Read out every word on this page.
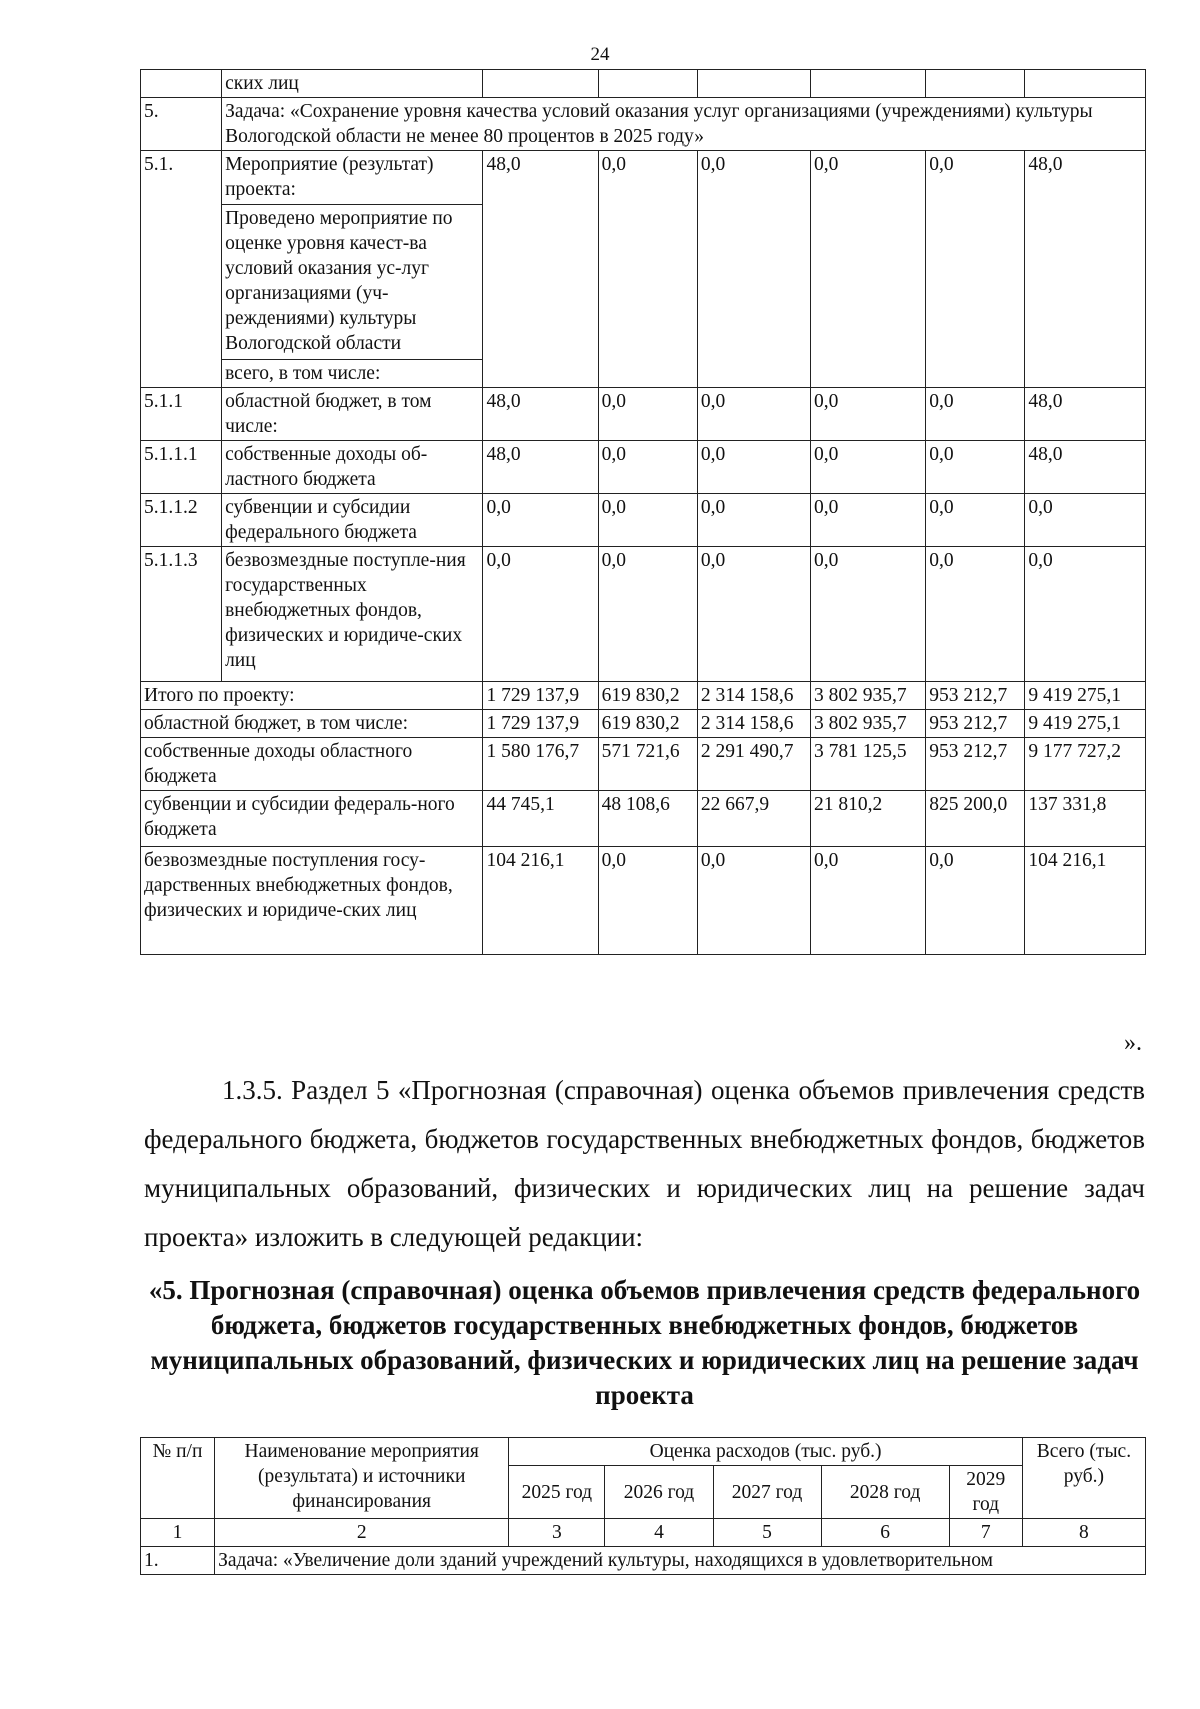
24
	ских лиц						
5.	Задача: «Сохранение уровня качества условий оказания услуг организациями (учреждениями) культуры Вологодской области не менее 80 процентов в 2025 году»						
5.1.	Мероприятие (результат) проекта:	48,0	0,0	0,0	0,0	0,0	48,0
	Проведено мероприятие по оценке уровня качест-ва условий оказания ус-луг организациями (уч-реждениями) культуры Вологодской области						
	всего, в том числе:						
5.1.1	областной бюджет, в том числе:	48,0	0,0	0,0	0,0	0,0	48,0
5.1.1.1	собственные доходы об-ластного бюджета	48,0	0,0	0,0	0,0	0,0	48,0
5.1.1.2	субвенции и субсидии федерального бюджета	0,0	0,0	0,0	0,0	0,0	0,0
5.1.1.3	безвозмездные поступле-ния государственных внебюджетных фондов, физических и юридиче-ских лиц	0,0	0,0	0,0	0,0	0,0	0,0
Итого по проекту:		1 729 137,9	619 830,2	2 314 158,6	3 802 935,7	953 212,7	9 419 275,1
областной бюджет, в том числе:		1 729 137,9	619 830,2	2 314 158,6	3 802 935,7	953 212,7	9 419 275,1
собственные доходы областного бюджета		1 580 176,7	571 721,6	2 291 490,7	3 781 125,5	953 212,7	9 177 727,2
субвенции и субсидии федераль-ного бюджета		44 745,1	48 108,6	22 667,9	21 810,2	825 200,0	137 331,8
безвозмездные поступления госу-дарственных внебюджетных фондов, физических и юридиче-ских лиц		104 216,1	0,0	0,0	0,0	0,0	104 216,1
».
1.3.5. Раздел 5 «Прогнозная (справочная) оценка объемов привлечения средств федерального бюджета, бюджетов государственных внебюджетных фондов, бюджетов муниципальных образований, физических и юридических лиц на решение задач проекта» изложить в следующей редакции:
«5. Прогнозная (справочная) оценка объемов привлечения средств федерального бюджета, бюджетов государственных внебюджетных фондов, бюджетов муниципальных образований, физических и юридических лиц на решение задач проекта
№ п/п	Наименование мероприятия (результата) и источники финансирования	Оценка расходов (тыс. руб.)					Всего (тыс. руб.)
		2025 год	2026 год	2027 год	2028 год	2029 год	
1	2	3	4	5	6	7	8
1.	Задача: «Увеличение доли зданий учреждений культуры, находящихся в удовлетворительном						
